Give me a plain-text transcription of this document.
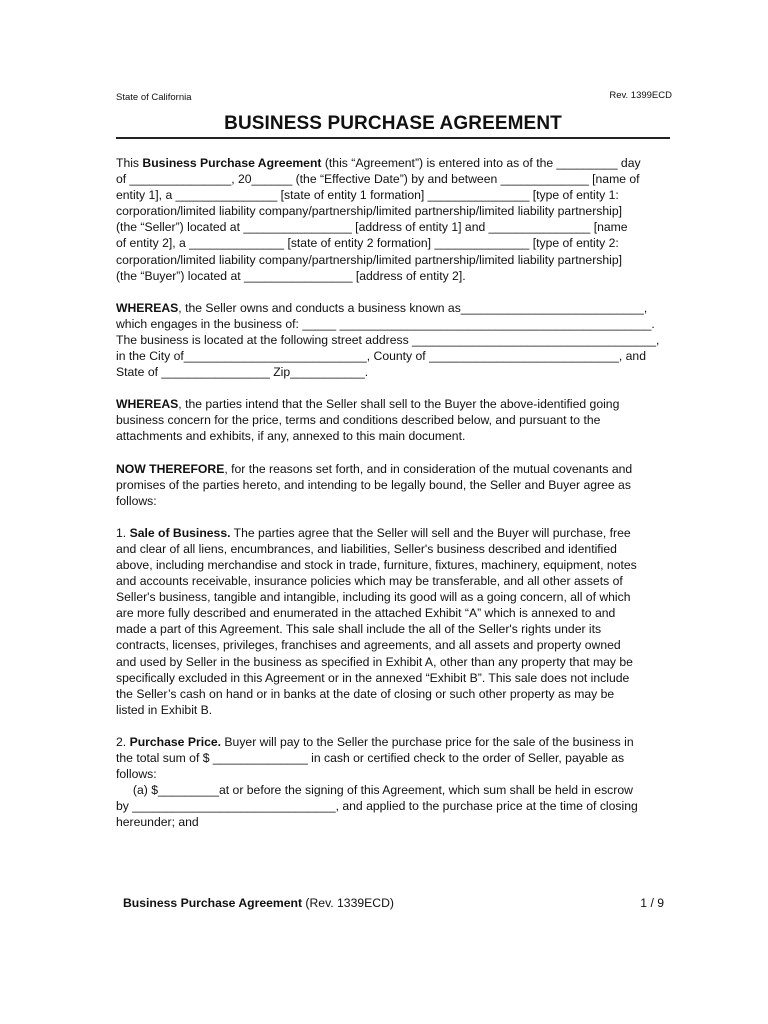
State of California	Rev. 1399ECD
BUSINESS PURCHASE AGREEMENT
This Business Purchase Agreement (this “Agreement”) is entered into as of the _________ day
of _______________, 20______ (the “Effective Date”) by and between _____________ [name of
entity 1], a _______________ [state of entity 1 formation] _______________ [type of entity 1:
corporation/limited liability company/partnership/limited partnership/limited liability partnership]
(the “Seller”) located at ________________ [address of entity 1] and _______________ [name
of entity 2], a ______________ [state of entity 2 formation] ______________ [type of entity 2:
corporation/limited liability company/partnership/limited partnership/limited liability partnership]
(the “Buyer”) located at ________________ [address of entity 2].
WHEREAS, the Seller owns and conducts a business known as___________________________,
which engages in the business of: _____ ______________________________________________.
The business is located at the following street address ____________________________________,
in the City of___________________________, County of ____________________________, and
State of ________________ Zip___________.
WHEREAS, the parties intend that the Seller shall sell to the Buyer the above-identified going
business concern for the price, terms and conditions described below, and pursuant to the
attachments and exhibits, if any, annexed to this main document.
NOW THEREFORE, for the reasons set forth, and in consideration of the mutual covenants and
promises of the parties hereto, and intending to be legally bound, the Seller and Buyer agree as
follows:
1. Sale of Business. The parties agree that the Seller will sell and the Buyer will purchase, free
and clear of all liens, encumbrances, and liabilities, Seller's business described and identified
above, including merchandise and stock in trade, furniture, fixtures, machinery, equipment, notes
and accounts receivable, insurance policies which may be transferable, and all other assets of
Seller's business, tangible and intangible, including its good will as a going concern, all of which
are more fully described and enumerated in the attached Exhibit “A” which is annexed to and
made a part of this Agreement. This sale shall include the all of the Seller's rights under its
contracts, licenses, privileges, franchises and agreements, and all assets and property owned
and used by Seller in the business as specified in Exhibit A, other than any property that may be
specifically excluded in this Agreement or in the annexed “Exhibit B”. This sale does not include
the Seller’s cash on hand or in banks at the date of closing or such other property as may be
listed in Exhibit B.
2. Purchase Price. Buyer will pay to the Seller the purchase price for the sale of the business in
the total sum of $ ______________ in cash or certified check to the order of Seller, payable as
follows:
(a) $_________at or before the signing of this Agreement, which sum shall be held in escrow
by ______________________________, and applied to the purchase price at the time of closing
hereunder; and
Business Purchase Agreement (Rev. 1339ECD)	1 / 9
